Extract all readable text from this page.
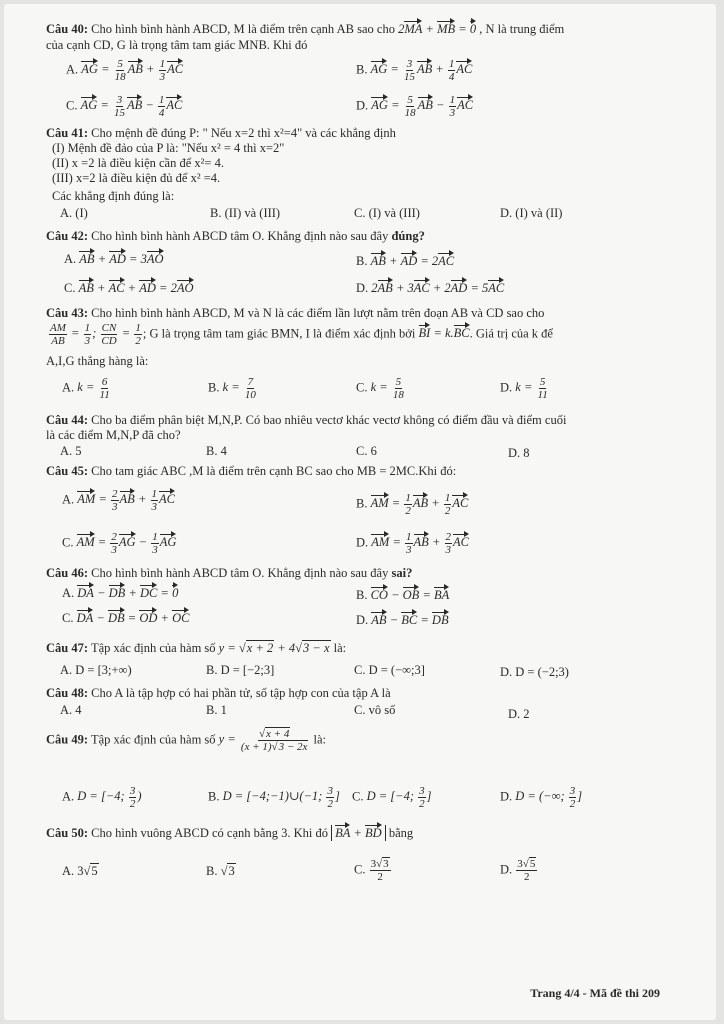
Câu 40: Cho hình bình hành ABCD, M là điểm trên cạnh AB sao cho 2MA + MB = 0 , N là trung điểm
của cạnh CD, G là trọng tâm tam giác MNB. Khi đó
A. AG = $\frac{5}{18}$ AB + $\frac{1}{3}$ AC	B. AG = $\frac{3}{15}$ AB + $\frac{1}{4}$ AC
C. AG = $\frac{3}{15}$ AB − $\frac{1}{4}$ AC	D. AG = $\frac{5}{18}$ AB − $\frac{1}{3}$ AC
Câu 41: Cho mệnh đề đúng P: " Nếu x=2 thì x²=4" và các khẳng định
(I) Mệnh đề đảo của P là: "Nếu x² = 4 thì x=2"
(II) x =2 là điều kiện cần để x²= 4.
(III) x=2 là điều kiện đủ để x² =4.
Các khẳng định đúng là:
A. (I)	B. (II) và (III)	C. (I) và (III)	D. (I) và (II)
Câu 42: Cho hình bình hành ABCD tâm O. Khẳng định nào sau đây đúng?
A. AB + AD = 3AO	B. AB + AD = 2AC
C. AB + AC + AD = 2AO	D. 2AB + 3AC + 2AD = 5AC
Câu 43: Cho hình bình hành ABCD, M và N là các điểm lần lượt nằm trên đoạn AB và CD sao cho
$\frac{AM}{AB} = \frac{1}{3}$ ; $\frac{CN}{CD} = \frac{1}{2}$ ; G là trọng tâm tam giác BMN, I là điểm xác định bởi BI = k.BC. Giá trị của k để
A,I,G thẳng hàng là:
A. $k = \frac{6}{11}$	B. $k = \frac{7}{10}$	C. $k = \frac{5}{18}$	D. $k = \frac{5}{11}$
Câu 44: Cho ba điểm phân biệt M,N,P. Có bao nhiêu vectơ khác vectơ không có điểm đầu và điểm cuối
là các điểm M,N,P đã cho?
A. 5	B. 4	C. 6	D. 8
Câu 45: Cho tam giác ABC ,M là điểm trên cạnh BC sao cho MB = 2MC.Khi đó:
A. AM = $\frac{2}{3}$ AB + $\frac{1}{3}$ AC	B. AM = $\frac{1}{2}$ AB + $\frac{1}{2}$ AC
C. AM = $\frac{2}{3}$ AG − $\frac{1}{3}$ AG	D. AM = $\frac{1}{3}$ AB + $\frac{2}{3}$ AC
Câu 46: Cho hình bình hành ABCD tâm O. Khẳng định nào sau đây sai?
A. DA − DB + DC = 0	B. CO − OB = BA
C. DA − DB = OD + OC	D. AB − BC = DB
Câu 47: Tập xác định của hàm số y = √x + 2 + 4√3 − x là:
A. D = [3;+∞)	B. D = [−2;3]	C. D = (−∞;3]	D. D = (−2;3)
Câu 48: Cho A là tập hợp có hai phần tử, số tập hợp con của tập A là
A. 4	B. 1	C. vô số	D. 2
Câu 49: Tập xác định của hàm số $y = \frac{√x + 4}{(x + 1)√3 - 2x}$ là:
A. D = [−4; $\frac{3}{2}$ )	B. D = [−4;−1)∪(−1; $\frac{3}{2}$ ] C. D = [−4; $\frac{3}{2}$ ]	D. D = (−∞; $\frac{3}{2}$ ]
Câu 50: Cho hình vuông ABCD có cạnh bằng 3. Khi đó BA + BD bằng
A. 3√5	B. √3	C. $\frac{3√3}{2}$	D. $\frac{3√5}{2}$
Trang 4/4 - Mã đề thi 209
